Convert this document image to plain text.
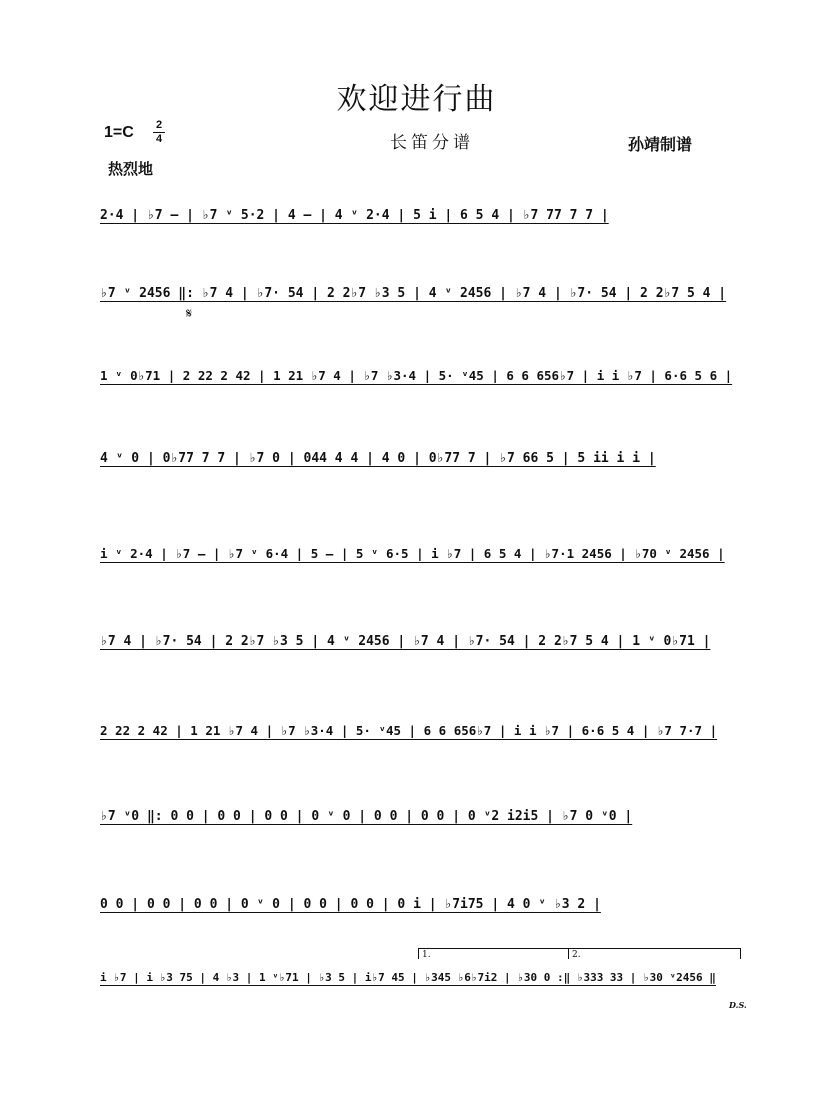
欢迎进行曲
1=C 2
4	长笛分谱	孙靖制谱
热烈地
2·4 | ♭7 – | ♭7 ᵛ 5·2 | 4 – | 4 ᵛ 2·4 | 5 i | 6 5 4 | ♭7 77 7 7 |
♭7 ᵛ 2456 ‖: ♭7 4 | ♭7· 54 | 2 2♭7 ♭3 5 | 4 ᵛ 2456 | ♭7 4 | ♭7· 54 | 2 2♭7 5 4 |
𝄋
1 ᵛ 0♭71 | 2 22 2 42 | 1 21 ♭7 4 | ♭7 ♭3·4 | 5· ᵛ45 | 6 6 656♭7 | i i ♭7 | 6·6 5 6 |
4 ᵛ 0 | 0♭77 7 7 | ♭7 0 | 044 4 4 | 4 0 | 0♭77 7 | ♭7 66 5 | 5 ii i i |
i ᵛ 2·4 | ♭7 – | ♭7 ᵛ 6·4 | 5 – | 5 ᵛ 6·5 | i ♭7 | 6 5 4 | ♭7·1 2456 | ♭70 ᵛ 2456 |
♭7 4 | ♭7· 54 | 2 2♭7 ♭3 5 | 4 ᵛ 2456 | ♭7 4 | ♭7· 54 | 2 2♭7 5 4 | 1 ᵛ 0♭71 |
2 22 2 42 | 1 21 ♭7 4 | ♭7 ♭3·4 | 5· ᵛ45 | 6 6 656♭7 | i i ♭7 | 6·6 5 4 | ♭7 7·7 |
♭7 ᵛ0 ‖: 0 0 | 0 0 | 0 0 | 0 ᵛ 0 | 0 0 | 0 0 | 0 ᵛ2 i2i5 | ♭7 0 ᵛ0 |
0 0 | 0 0 | 0 0 | 0 ᵛ 0 | 0 0 | 0 0 | 0 i | ♭7i75 | 4 0 ᵛ ♭3 2 |
1.	2.
i ♭7 | i ♭3 75 | 4 ♭3 | 1 ᵛ♭71 | ♭3 5 | i♭7 45 | ♭345 ♭6♭7i2 | ♭30 0 :‖ ♭333 33 | ♭30 ᵛ2456 ‖
D.S.
